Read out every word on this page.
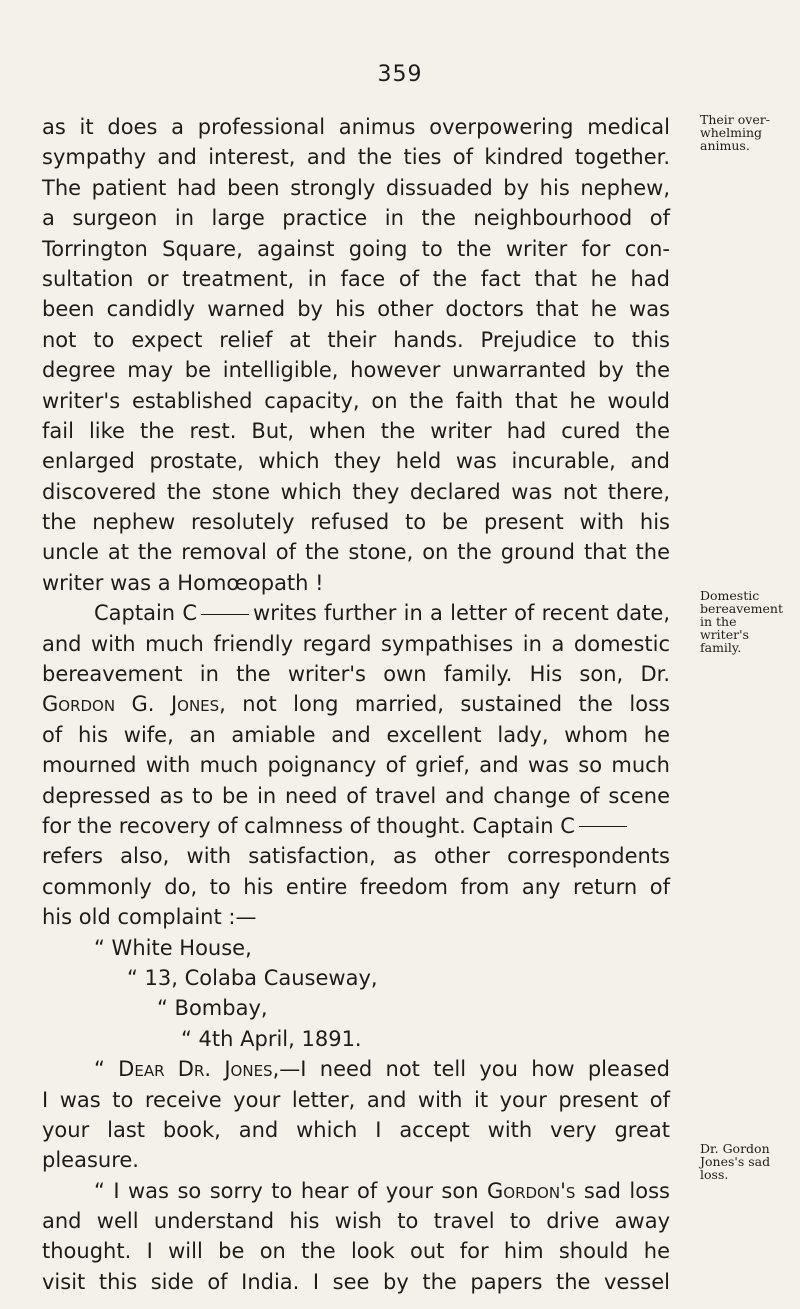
359
as it does a professional animus overpowering medical
sympathy and interest, and the ties of kindred together.
The patient had been strongly dissuaded by his nephew,
a surgeon in large practice in the neighbourhood of
Torrington Square, against going to the writer for con-
sultation or treatment, in face of the fact that he had
been candidly warned by his other doctors that he was
not to expect relief at their hands. Prejudice to this
degree may be intelligible, however unwarranted by the
writer's established capacity, on the faith that he would
fail like the rest. But, when the writer had cured the
enlarged prostate, which they held was incurable, and
discovered the stone which they declared was not there,
the nephew resolutely refused to be present with his
uncle at the removal of the stone, on the ground that the
writer was a Homœopath !
Captain C	writes further in a letter of recent date,
and with much friendly regard sympathises in a domestic
bereavement in the writer's own family. His son, Dr.
Gordon G. Jones, not long married, sustained the loss
of his wife, an amiable and excellent lady, whom he
mourned with much poignancy of grief, and was so much
depressed as to be in need of travel and change of scene
for the recovery of calmness of thought. Captain C
refers also, with satisfaction, as other correspondents
commonly do, to his entire freedom from any return of
his old complaint :—
“ White House,
“ 13, Colaba Causeway,
“ Bombay,
“ 4th April, 1891.
“ Dear Dr. Jones,—I need not tell you how pleased
I was to receive your letter, and with it your present of
your last book, and which I accept with very great
pleasure.
“ I was so sorry to hear of your son Gordon's sad loss
and well understand his wish to travel to drive away
thought. I will be on the look out for him should he
visit this side of India. I see by the papers the vessel
Their over-
whelming
animus.
Domestic
bereavement
in the
writer's
family.
Dr. Gordon
Jones's sad
loss.
